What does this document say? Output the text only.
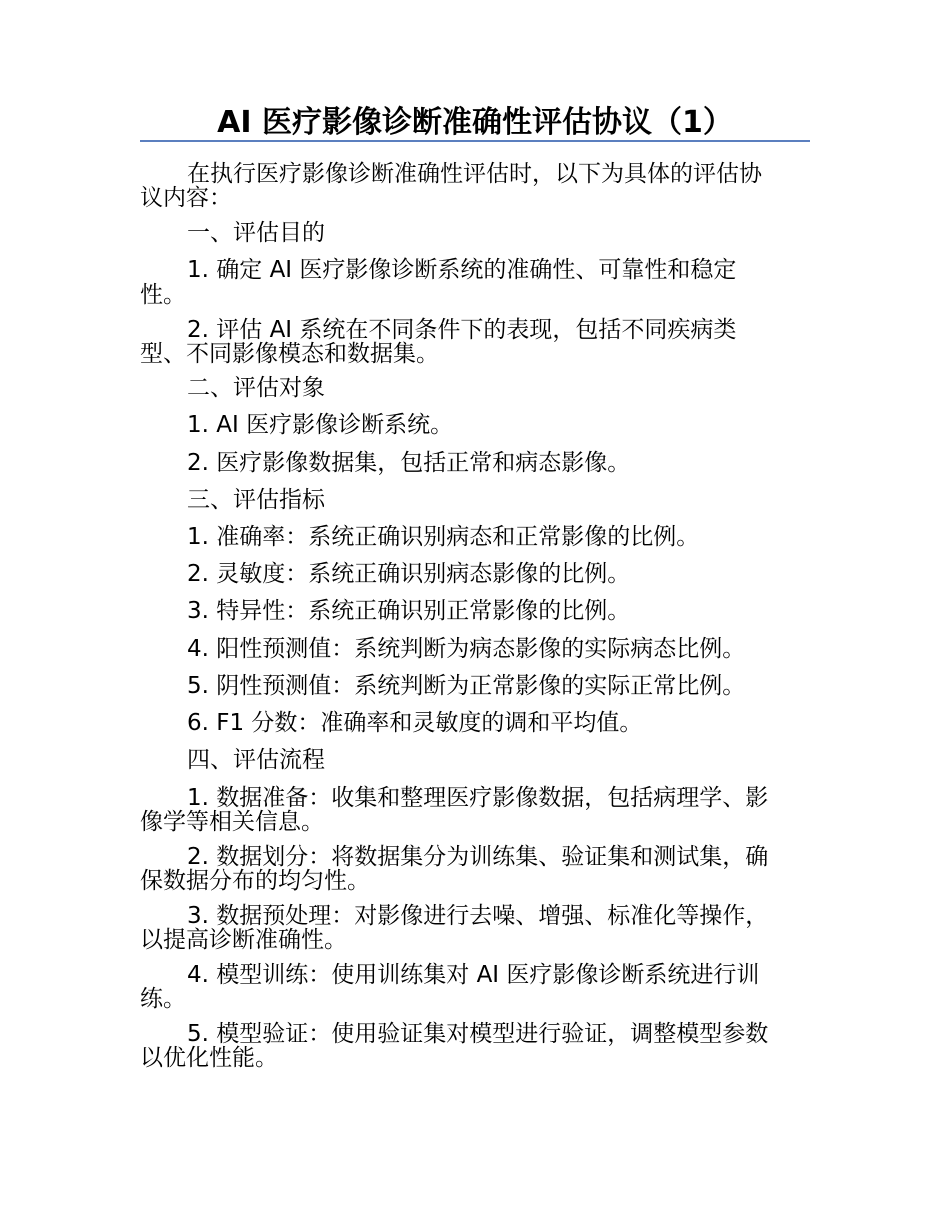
AI 医疗影像诊断准确性评估协议（1）
在执行医疗影像诊断准确性评估时，以下为具体的评估协
议内容：
一、评估目的
1. 确定 AI 医疗影像诊断系统的准确性、可靠性和稳定
性。
2. 评估 AI 系统在不同条件下的表现，包括不同疾病类
型、不同影像模态和数据集。
二、评估对象
1. AI 医疗影像诊断系统。
2. 医疗影像数据集，包括正常和病态影像。
三、评估指标
1. 准确率：系统正确识别病态和正常影像的比例。
2. 灵敏度：系统正确识别病态影像的比例。
3. 特异性：系统正确识别正常影像的比例。
4. 阳性预测值：系统判断为病态影像的实际病态比例。
5. 阴性预测值：系统判断为正常影像的实际正常比例。
6. F1 分数：准确率和灵敏度的调和平均值。
四、评估流程
1. 数据准备：收集和整理医疗影像数据，包括病理学、影
像学等相关信息。
2. 数据划分：将数据集分为训练集、验证集和测试集，确
保数据分布的均匀性。
3. 数据预处理：对影像进行去噪、增强、标准化等操作，
以提高诊断准确性。
4. 模型训练：使用训练集对 AI 医疗影像诊断系统进行训
练。
5. 模型验证：使用验证集对模型进行验证，调整模型参数
以优化性能。
